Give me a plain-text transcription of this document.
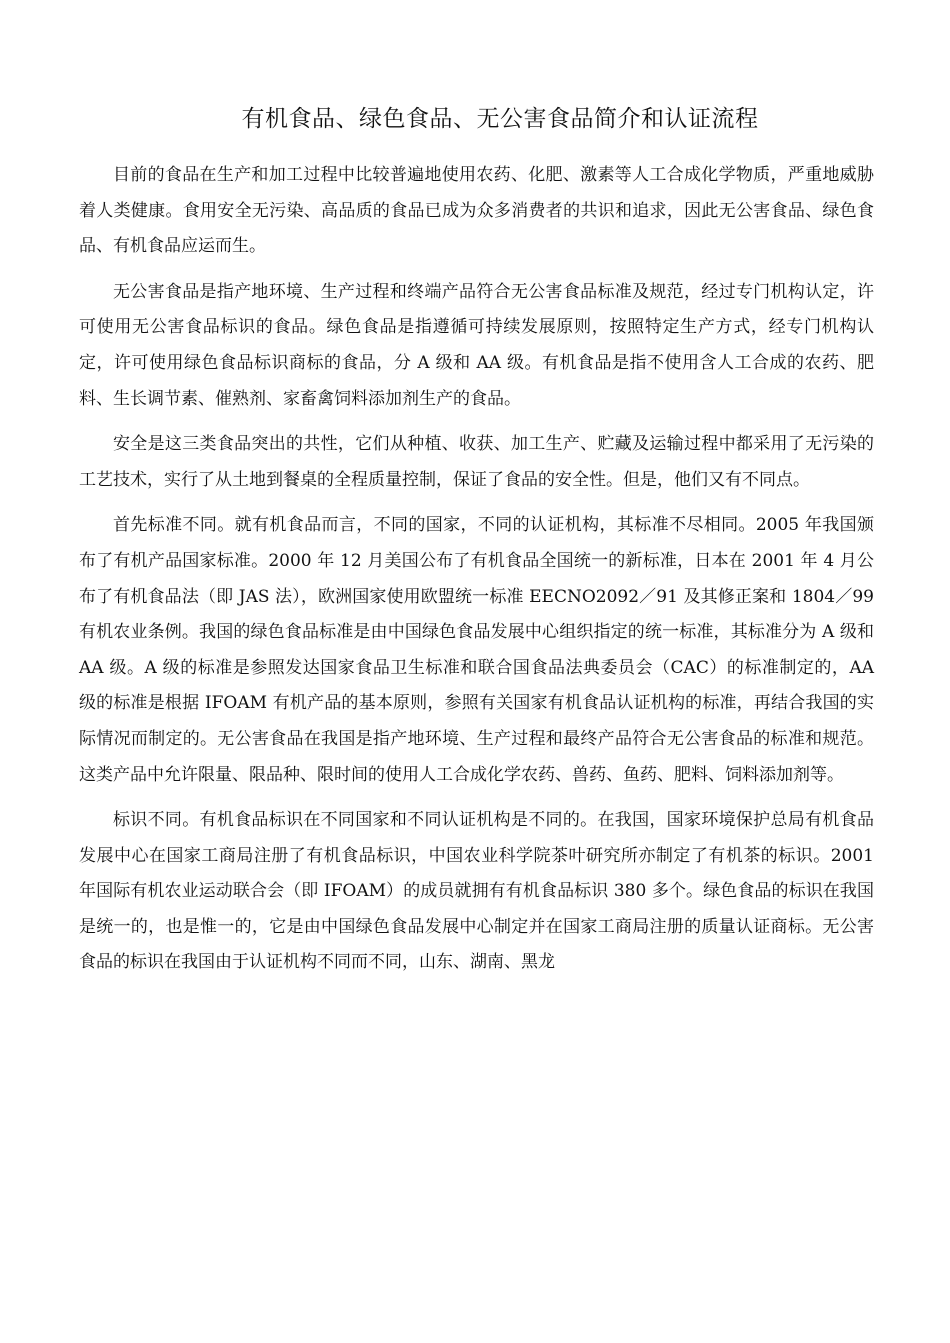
有机食品、绿色食品、无公害食品简介和认证流程

目前的食品在生产和加工过程中比较普遍地使用农药、化肥、激素等人工合成化学物质，严重地威胁着人类健康。食用安全无污染、高品质的食品已成为众多消费者的共识和追求，因此无公害食品、绿色食品、有机食品应运而生。

无公害食品是指产地环境、生产过程和终端产品符合无公害食品标准及规范，经过专门机构认定，许可使用无公害食品标识的食品。绿色食品是指遵循可持续发展原则，按照特定生产方式，经专门机构认定，许可使用绿色食品标识商标的食品，分 A 级和 AA 级。有机食品是指不使用含人工合成的农药、肥料、生长调节素、催熟剂、家畜禽饲料添加剂生产的食品。

安全是这三类食品突出的共性，它们从种植、收获、加工生产、贮藏及运输过程中都采用了无污染的工艺技术，实行了从土地到餐桌的全程质量控制，保证了食品的安全性。但是，他们又有不同点。

首先标准不同。就有机食品而言，不同的国家，不同的认证机构，其标准不尽相同。2005 年我国颁布了有机产品国家标准。2000 年 12 月美国公布了有机食品全国统一的新标准，日本在 2001 年 4 月公布了有机食品法（即 JAS 法），欧洲国家使用欧盟统一标准 EECNO2092／91 及其修正案和 1804／99 有机农业条例。我国的绿色食品标准是由中国绿色食品发展中心组织指定的统一标准，其标准分为 A 级和 AA 级。A 级的标准是参照发达国家食品卫生标准和联合国食品法典委员会（CAC）的标准制定的，AA 级的标准是根据 IFOAM 有机产品的基本原则，参照有关国家有机食品认证机构的标准，再结合我国的实际情况而制定的。无公害食品在我国是指产地环境、生产过程和最终产品符合无公害食品的标准和规范。这类产品中允许限量、限品种、限时间的使用人工合成化学农药、兽药、鱼药、肥料、饲料添加剂等。

标识不同。有机食品标识在不同国家和不同认证机构是不同的。在我国，国家环境保护总局有机食品发展中心在国家工商局注册了有机食品标识，中国农业科学院茶叶研究所亦制定了有机茶的标识。2001 年国际有机农业运动联合会（即 IFOAM）的成员就拥有有机食品标识 380 多个。绿色食品的标识在我国是统一的，也是惟一的，它是由中国绿色食品发展中心制定并在国家工商局注册的质量认证商标。无公害食品的标识在我国由于认证机构不同而不同，山东、湖南、黑龙
